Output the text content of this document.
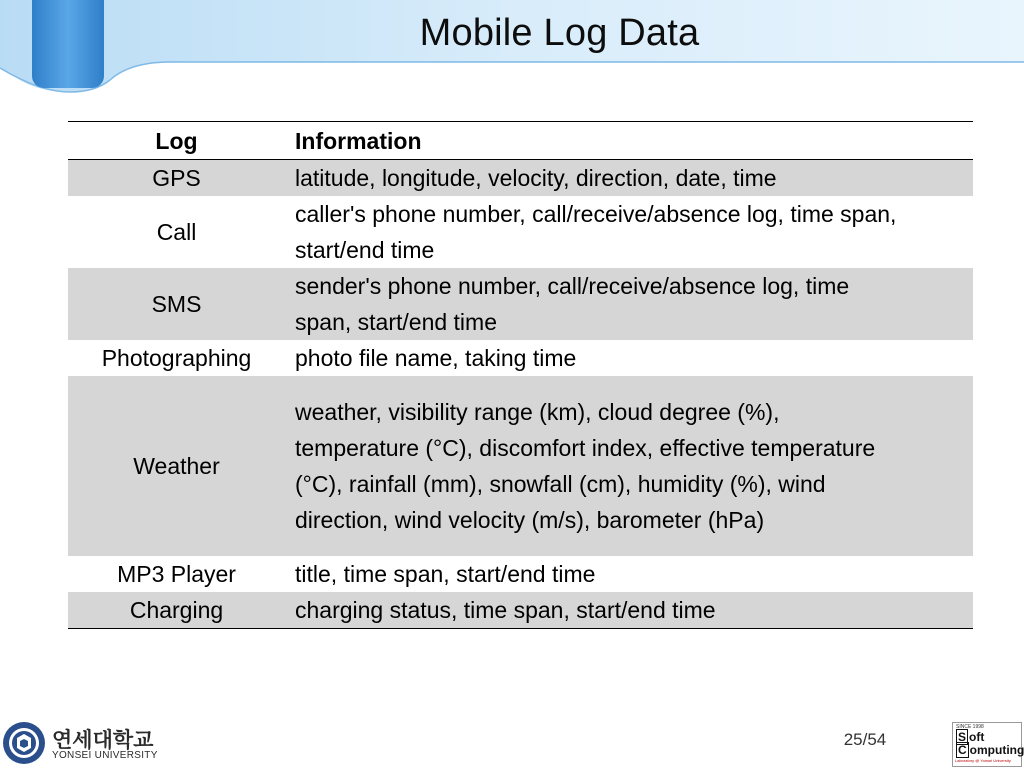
Mobile Log Data
Log	Information
GPS	latitude, longitude, velocity, direction, date, time

Call	caller's phone number, call/receive/absence log, time span,
start/end time

SMS	sender's phone number, call/receive/absence log, time
span, start/end time

Photographing	photo file name, taking time

Weather	weather, visibility range (km), cloud degree (%),
temperature (°C), discomfort index, effective temperature
(°C), rainfall (mm), snowfall (cm), humidity (%), wind
direction, wind velocity (m/s), barometer (hPa)

MP3 Player	title, time span, start/end time

Charging	charging status, time span, start/end time
연세대학교
YONSEI UNIVERSITY
25/54
SINCE 1998
S oft
C omputing
Laboratory @ Yonsei University
